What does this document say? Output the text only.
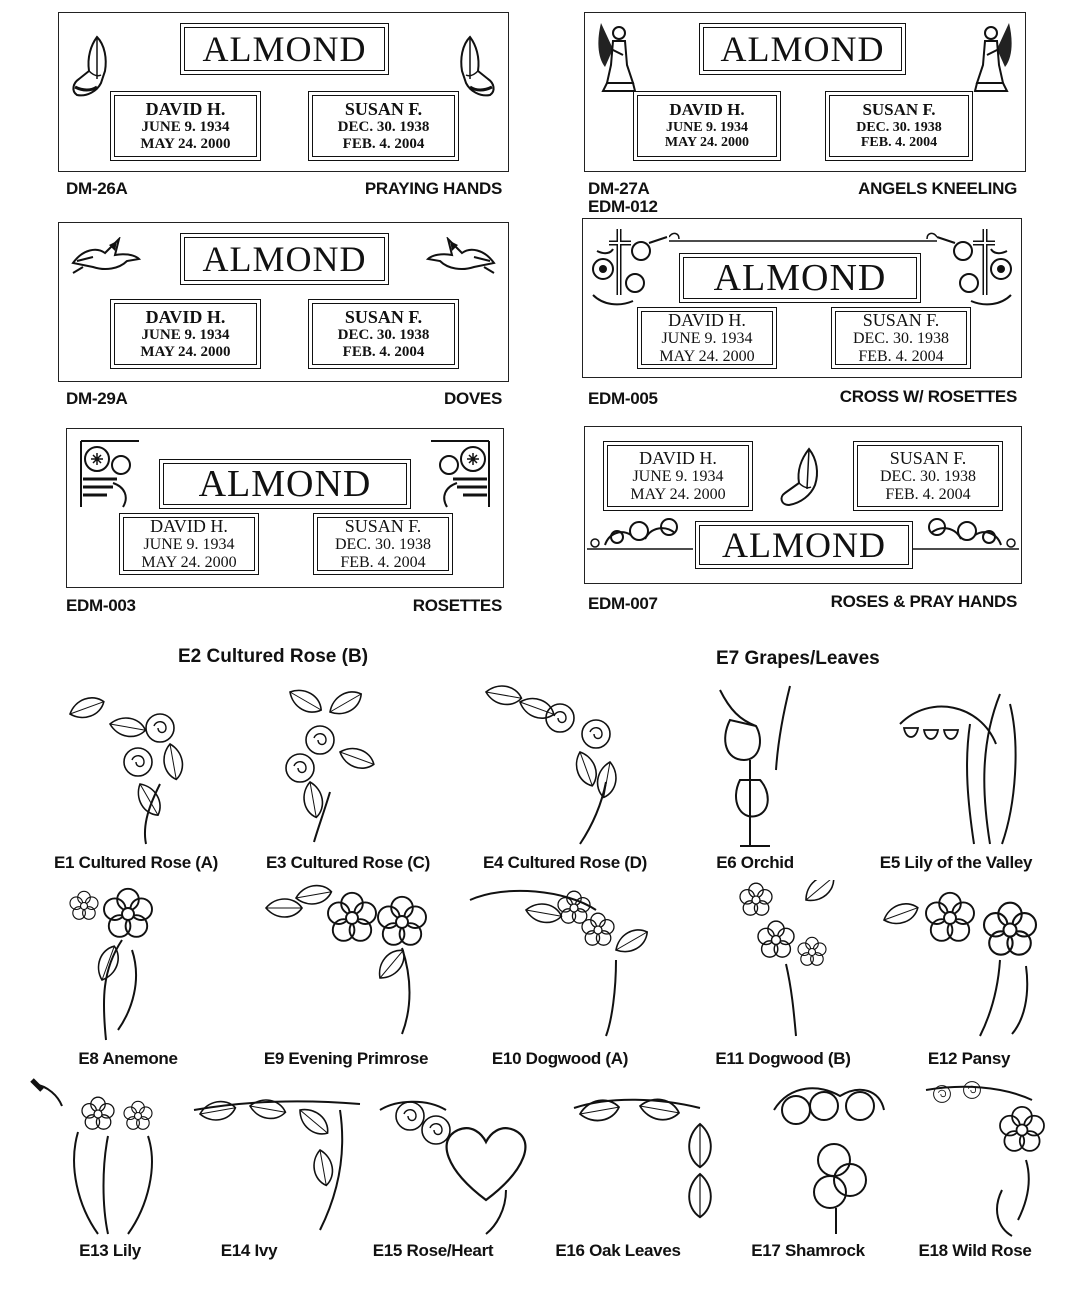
ALMOND
DAVID H.
JUNE 9. 1934
MAY 24. 2000
SUSAN F.
DEC. 30. 1938
FEB. 4. 2004
DM-26A	PRAYING HANDS
ALMOND
DAVID H.
JUNE 9. 1934
MAY 24. 2000
SUSAN F.
DEC. 30. 1938
FEB. 4. 2004
DM-27A	ANGELS KNEELING
EDM-012
ALMOND
DAVID H.
JUNE 9. 1934
MAY 24. 2000
SUSAN F.
DEC. 30. 1938
FEB. 4. 2004
DM-29A	DOVES
ALMOND
DAVID H.
JUNE 9. 1934
MAY 24. 2000
SUSAN F.
DEC. 30. 1938
FEB. 4. 2004
EDM-005	CROSS W/ ROSETTES
ALMOND
DAVID H.
JUNE 9. 1934
MAY 24. 2000
SUSAN F.
DEC. 30. 1938
FEB. 4. 2004
EDM-003	ROSETTES
DAVID H.
JUNE 9. 1934
MAY 24. 2000
SUSAN F.
DEC. 30. 1938
FEB. 4. 2004
ALMOND
EDM-007	ROSES & PRAY HANDS
E2 Cultured Rose (B)	E7 Grapes/Leaves
E1 Cultured Rose (A)	E3 Cultured Rose (C)	E4 Cultured Rose (D)	E6 Orchid	E5 Lily of the Valley
E8 Anemone	E9 Evening Primrose	E10 Dogwood (A)	E11 Dogwood (B)	E12 Pansy
E13 Lily	E14 Ivy	E15 Rose/Heart	E16 Oak Leaves	E17 Shamrock	E18 Wild Rose
